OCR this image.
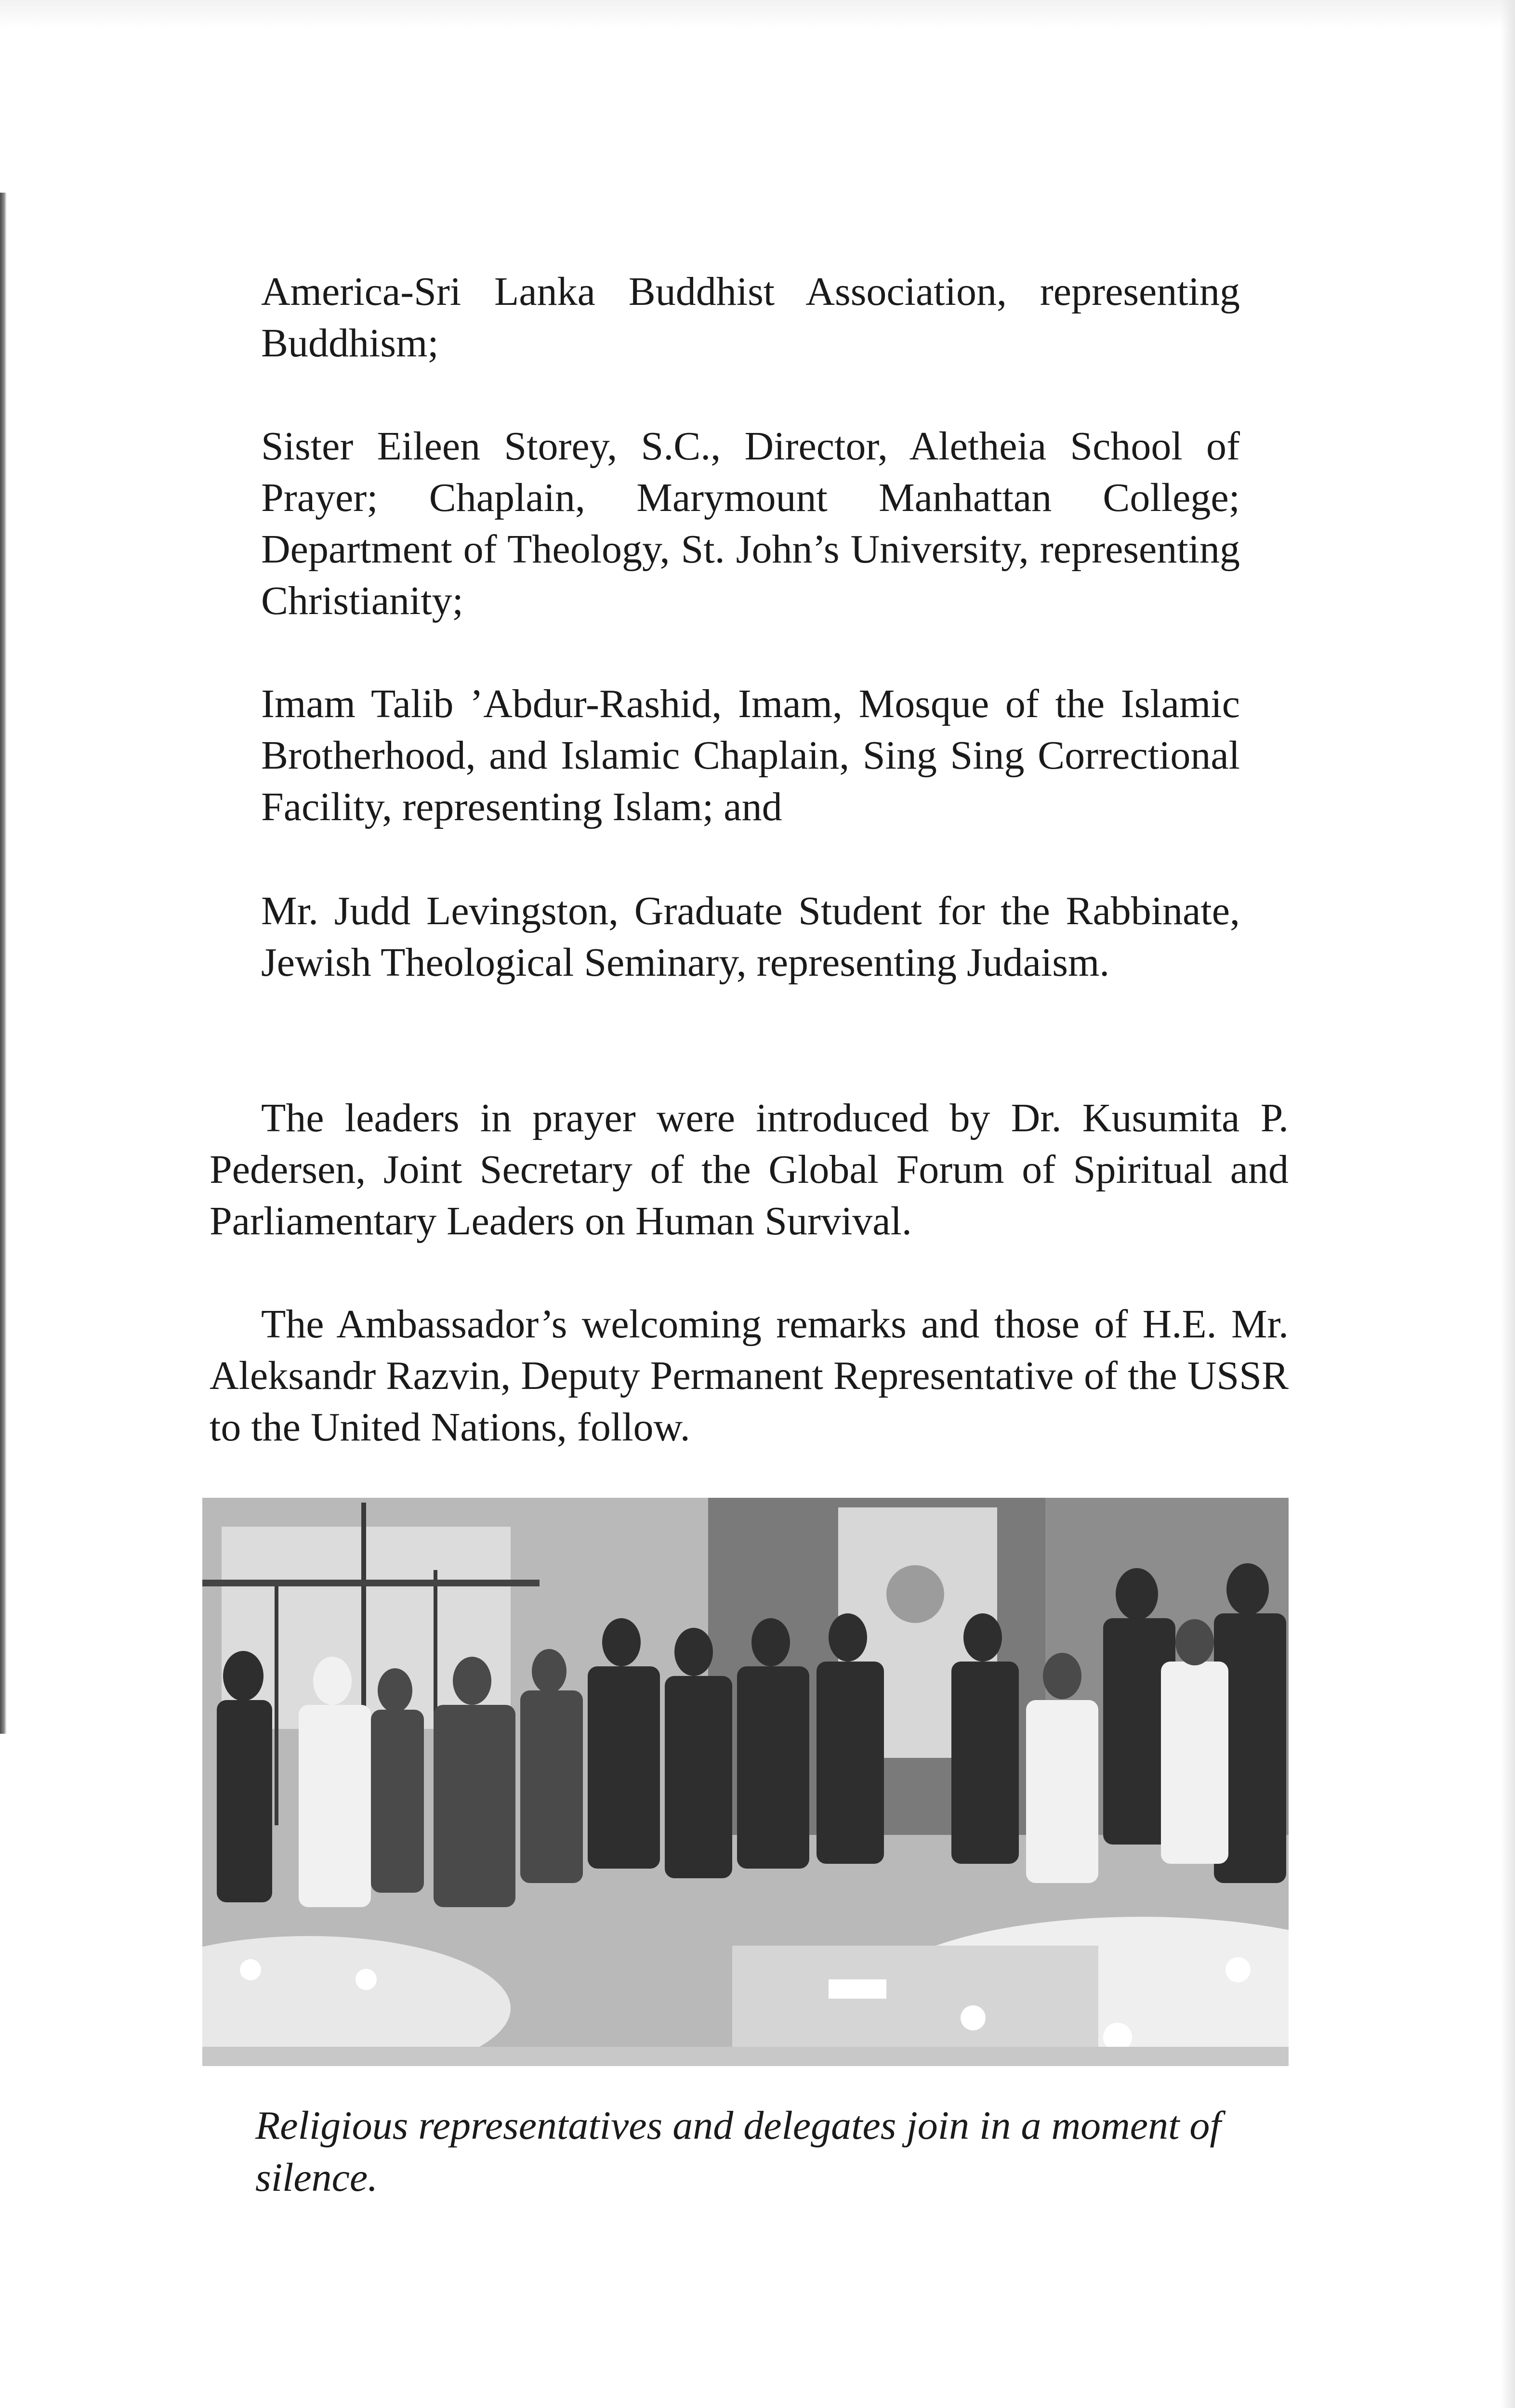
America-Sri Lanka Buddhist Association, representing Buddhism;

Sister Eileen Storey, S.C., Director, Aletheia School of Prayer; Chaplain, Marymount Manhattan College; Department of Theology, St. John’s University, representing Christianity;

Imam Talib ’Abdur-Rashid, Imam, Mosque of the Islamic Brotherhood, and Islamic Chaplain, Sing Sing Correctional Facility, representing Islam; and

Mr. Judd Levingston, Graduate Student for the Rabbinate, Jewish Theological Seminary, representing Judaism.

The leaders in prayer were introduced by Dr. Kusumita P. Pedersen, Joint Secretary of the Global Forum of Spiritual and Parliamentary Leaders on Human Survival.

The Ambassador’s welcoming remarks and those of H.E. Mr. Aleksandr Razvin, Deputy Permanent Representative of the USSR to the United Nations, follow.

Religious representatives and delegates join in a moment of silence.
